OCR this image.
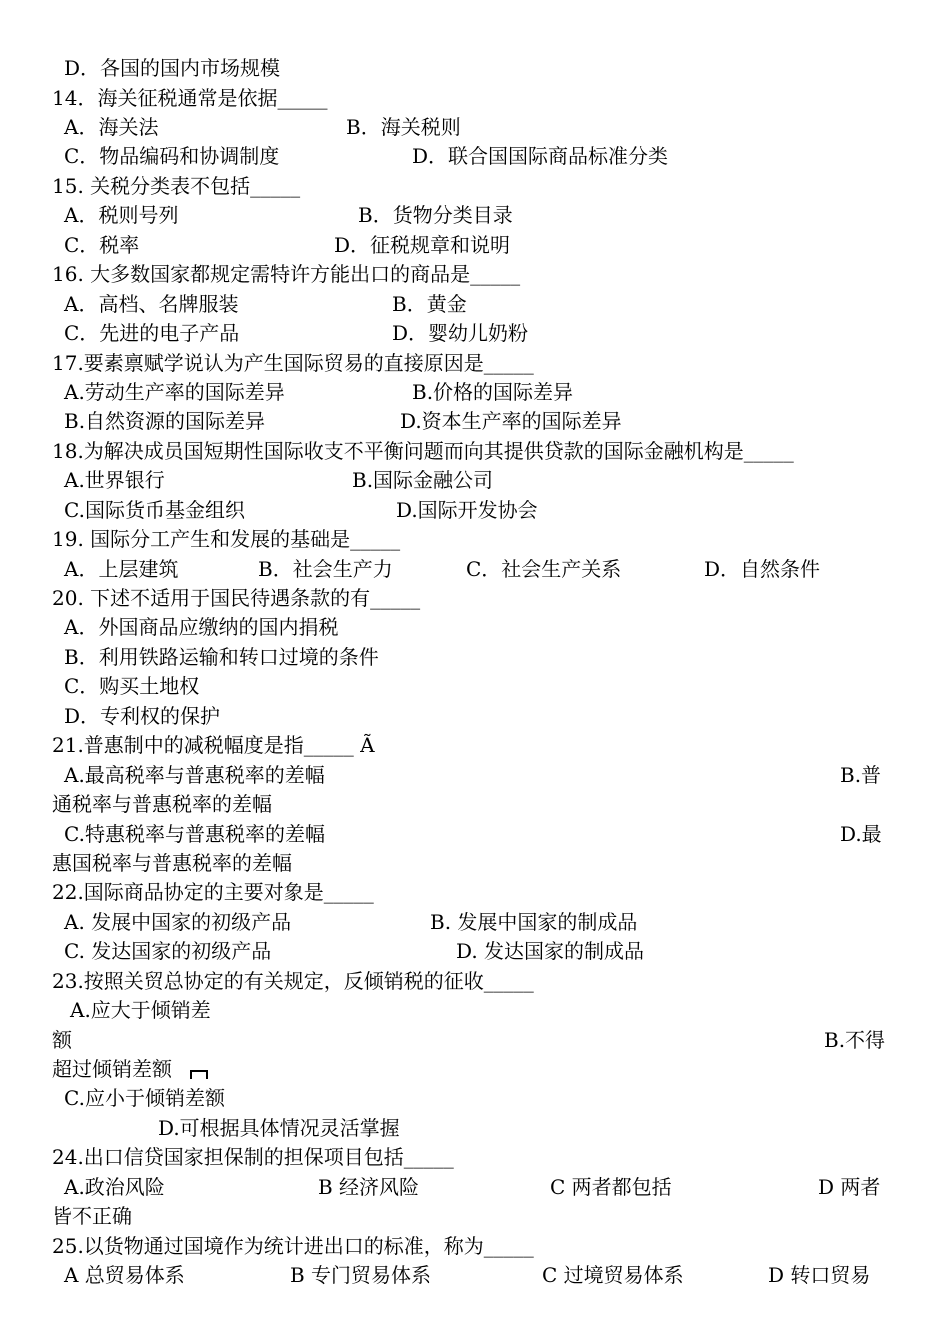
D．各国的国内市场规模
14．海关征税通常是依据_____
A．海关法	B．海关税则
C．物品编码和协调制度	D．联合国国际商品标准分类
15. 关税分类表不包括_____
A．税则号列	B．货物分类目录
C．税率	D．征税规章和说明
16. 大多数国家都规定需特许方能出口的商品是_____
A．高档、名牌服装	B．黄金
C．先进的电子产品	D．婴幼儿奶粉
17.要素禀赋学说认为产生国际贸易的直接原因是_____
A.劳动生产率的国际差异	B.价格的国际差异
B.自然资源的国际差异	D.资本生产率的国际差异
18.为解决成员国短期性国际收支不平衡问题而向其提供贷款的国际金融机构是_____
A.世界银行	B.国际金融公司
C.国际货币基金组织	D.国际开发协会
19. 国际分工产生和发展的基础是_____
A．上层建筑	B．社会生产力	C．社会生产关系	D．自然条件
20. 下述不适用于国民待遇条款的有_____
A．外国商品应缴纳的国内捐税
B．利用铁路运输和转口过境的条件
C．购买土地权
D．专利权的保护
21.普惠制中的减税幅度是指_____ Ã
A.最高税率与普惠税率的差幅	B.普
通税率与普惠税率的差幅
C.特惠税率与普惠税率的差幅	D.最
惠国税率与普惠税率的差幅
22.国际商品协定的主要对象是_____
A. 发展中国家的初级产品	B. 发展中国家的制成品
C. 发达国家的初级产品	D. 发达国家的制成品
23.按照关贸总协定的有关规定，反倾销税的征收_____
A.应大于倾销差
额	B.不得
超过倾销差额
C.应小于倾销差额
D.可根据具体情况灵活掌握
24.出口信贷国家担保制的担保项目包括_____
A.政治风险	B 经济风险	C 两者都包括	D 两者
皆不正确
25.以货物通过国境作为统计进出口的标准，称为_____
A 总贸易体系	B 专门贸易体系	C 过境贸易体系	D 转口贸易
